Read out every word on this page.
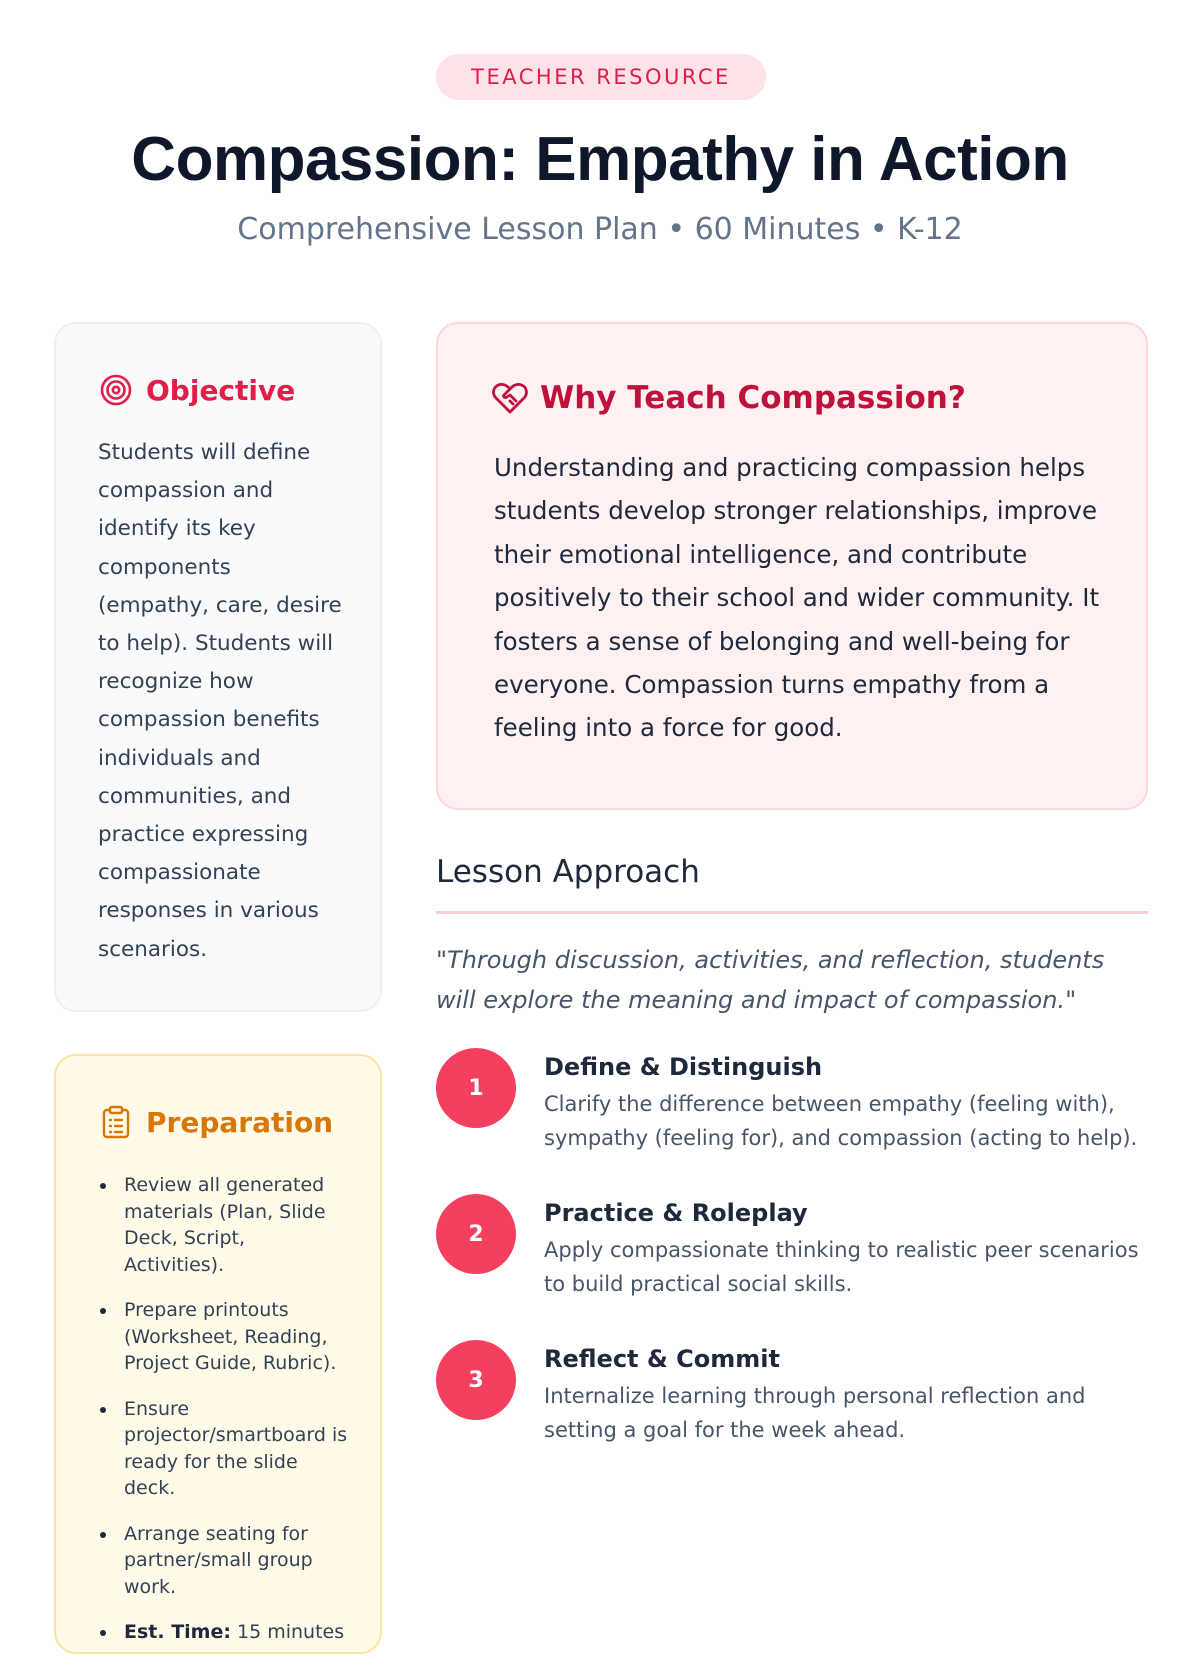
TEACHER RESOURCE
Compassion: Empathy in Action
Comprehensive Lesson Plan • 60 Minutes • K-12
Objective

Students will define compassion and identify its key components (empathy, care, desire to help). Students will recognize how compassion benefits individuals and communities, and practice expressing compassionate responses in various scenarios.

Preparation
Review all generated materials (Plan, Slide Deck, Script, Activities).
Prepare printouts (Worksheet, Reading, Project Guide, Rubric).
Ensure projector/smartboard is ready for the slide deck.
Arrange seating for partner/small group work.
Est. Time: 15 minutes
Why Teach Compassion?

Understanding and practicing compassion helps students develop stronger relationships, improve their emotional intelligence, and contribute positively to their school and wider community. It fosters a sense of belonging and well-being for everyone. Compassion turns empathy from a feeling into a force for good.

Lesson Approach

"Through discussion, activities, and reflection, students will explore the meaning and impact of compassion."

1
Define & Distinguish
Clarify the difference between empathy (feeling with), sympathy (feeling for), and compassion (acting to help).
2
Practice & Roleplay
Apply compassionate thinking to realistic peer scenarios to build practical social skills.
3
Reflect & Commit
Internalize learning through personal reflection and setting a goal for the week ahead.
